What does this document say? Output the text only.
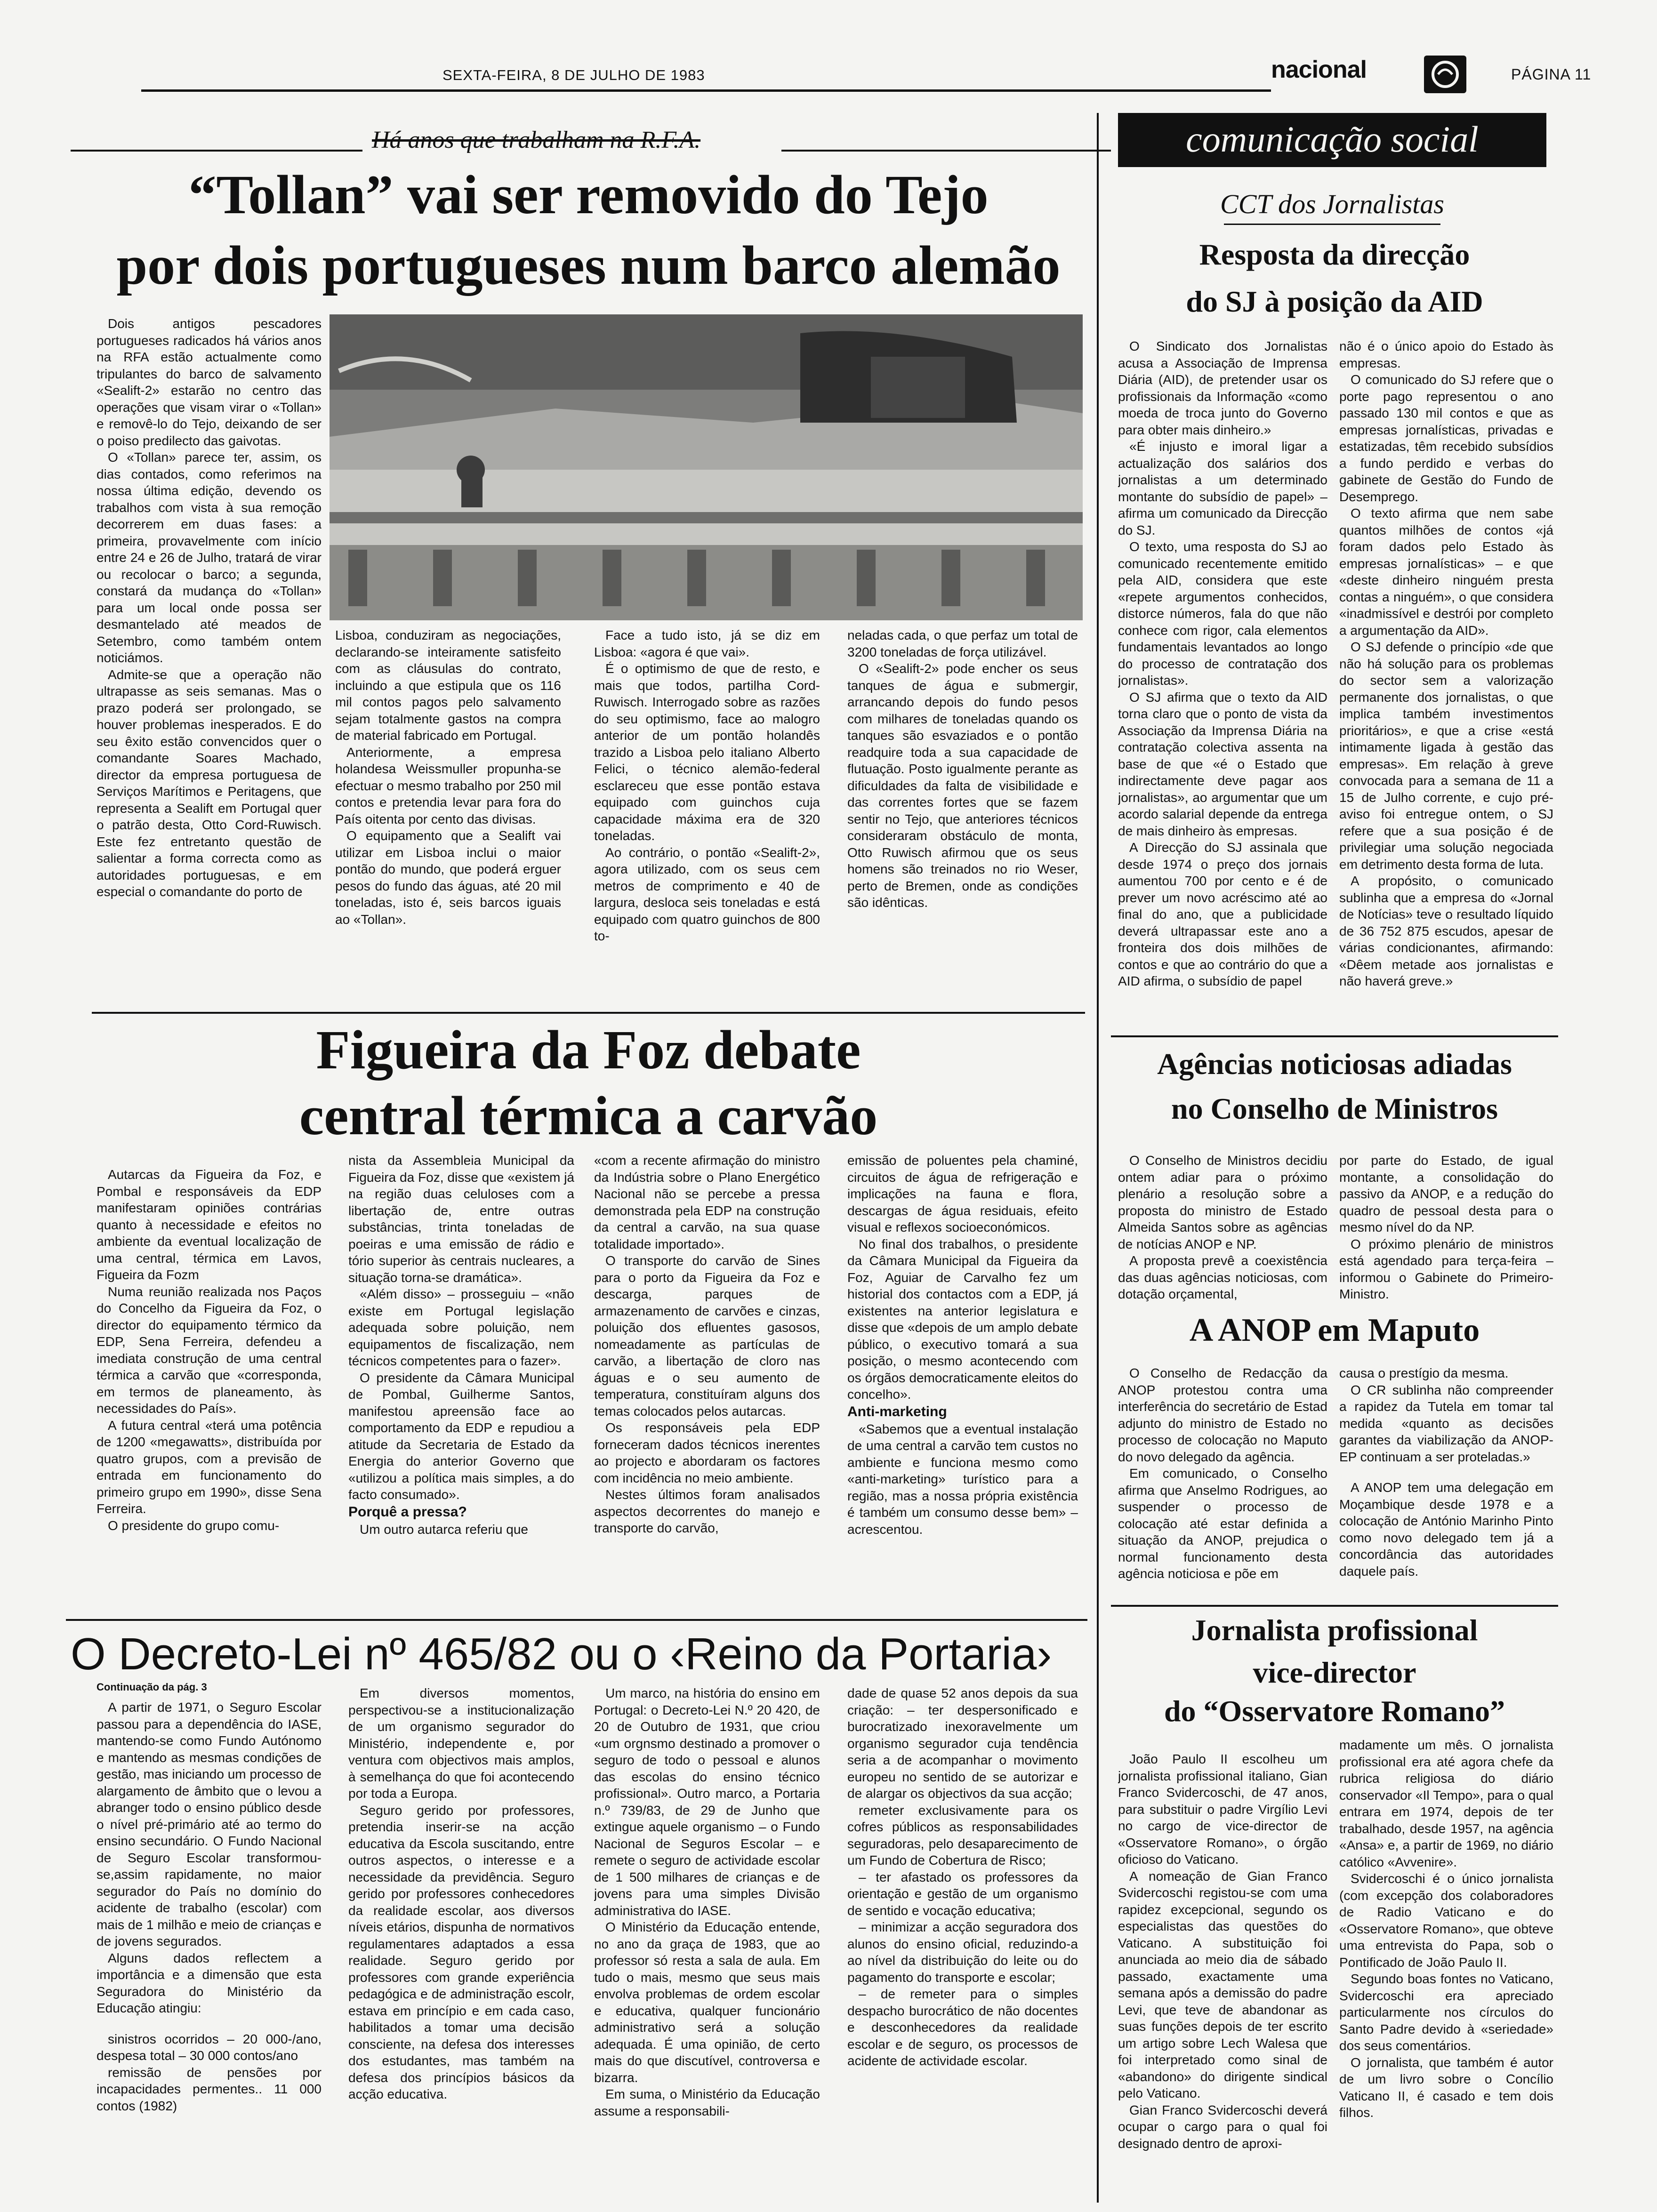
SEXTA-FEIRA, 8 DE JULHO DE 1983	nacional	PÁGINA 11
comunicação social
CCT dos Jornalistas
Há anos que trabalham na R.F.A.
“Tollan” vai ser removido do Tejo
por dois portugueses num barco alemão

Dois antigos pescadores portugueses radicados há vários anos na RFA estão actualmente como tripulantes do barco de salvamento «Sealift-2» estarão no centro das operações que visam virar o «Tollan» e removê-lo do Tejo, deixando de ser o poiso predilecto das gaivotas.

O «Tollan» parece ter, assim, os dias contados, como referimos na nossa última edição, devendo os trabalhos com vista à sua remoção decorrerem em duas fases: a primeira, provavelmente com início entre 24 e 26 de Julho, tratará de virar ou recolocar o barco; a segunda, constará da mudança do «Tollan» para um local onde possa ser desmantelado até meados de Setembro, como também ontem noticiámos.

Admite-se que a operação não ultrapasse as seis semanas. Mas o prazo poderá ser prolongado, se houver problemas inesperados. E do seu êxito estão convencidos quer o comandante Soares Machado, director da empresa portuguesa de Serviços Marítimos e Peritagens, que representa a Sealift em Portugal quer o patrão desta, Otto Cord-Ruwisch. Este fez entretanto questão de salientar a forma correcta como as autoridades portuguesas, e em especial o comandante do porto de

Lisboa, conduziram as negociações, declarando-se inteiramente satisfeito com as cláusulas do contrato, incluindo a que estipula que os 116 mil contos pagos pelo salvamento sejam totalmente gastos na compra de material fabricado em Portugal.

Anteriormente, a empresa holandesa Weissmuller propunha-se efectuar o mesmo trabalho por 250 mil contos e pretendia levar para fora do País oitenta por cento das divisas.

O equipamento que a Sealift vai utilizar em Lisboa inclui o maior pontão do mundo, que poderá erguer pesos do fundo das águas, até 20 mil toneladas, isto é, seis barcos iguais ao «Tollan».

Face a tudo isto, já se diz em Lisboa: «agora é que vai».

É o optimismo de que de resto, e mais que todos, partilha Cord-Ruwisch. Interrogado sobre as razões do seu optimismo, face ao malogro anterior de um pontão holandês trazido a Lisboa pelo italiano Alberto Felici, o técnico alemão-federal esclareceu que esse pontão estava equipado com guinchos cuja capacidade máxima era de 320 toneladas.

Ao contrário, o pontão «Sealift-2», agora utilizado, com os seus cem metros de comprimento e 40 de largura, desloca seis toneladas e está equipado com quatro guinchos de 800 to-

neladas cada, o que perfaz um total de 3200 toneladas de força utilizável.

O «Sealift-2» pode encher os seus tanques de água e submergir, arrancando depois do fundo pesos com milhares de toneladas quando os tanques são esvaziados e o pontão readquire toda a sua capacidade de flutuação. Posto igualmente perante as dificuldades da falta de visibilidade e das correntes fortes que se fazem sentir no Tejo, que anteriores técnicos consideraram obstáculo de monta, Otto Ruwisch afirmou que os seus homens são treinados no rio Weser, perto de Bremen, onde as condições são idênticas.

Figueira da Foz debate
central térmica a carvão

Autarcas da Figueira da Foz, e Pombal e responsáveis da EDP manifestaram opiniões contrárias quanto à necessidade e efeitos no ambiente da eventual localização de uma central, térmica em Lavos, Figueira da Fozm

Numa reunião realizada nos Paços do Concelho da Figueira da Foz, o director do equipamento térmico da EDP, Sena Ferreira, defendeu a imediata construção de uma central térmica a carvão que «corresponda, em termos de planeamento, às necessidades do País».

A futura central «terá uma potência de 1200 «megawatts», distribuída por quatro grupos, com a previsão de entrada em funcionamento do primeiro grupo em 1990», disse Sena Ferreira.

O presidente do grupo comu-

nista da Assembleia Municipal da Figueira da Foz, disse que «existem já na região duas celuloses com a libertação de, entre outras substâncias, trinta toneladas de poeiras e uma emissão de rádio e tório superior às centrais nucleares, a situação torna-se dramática».

«Além disso» – prosseguiu – «não existe em Portugal legislação adequada sobre poluição, nem equipamentos de fiscalização, nem técnicos competentes para o fazer».

O presidente da Câmara Municipal de Pombal, Guilherme Santos, manifestou apreensão face ao comportamento da EDP e repudiou a atitude da Secretaria de Estado da Energia do anterior Governo que «utilizou a política mais simples, a do facto consumado».

Porquê a pressa?

Um outro autarca referiu que

«com a recente afirmação do ministro da Indústria sobre o Plano Energético Nacional não se percebe a pressa demonstrada pela EDP na construção da central a carvão, na sua quase totalidade importado».

O transporte do carvão de Sines para o porto da Figueira da Foz e descarga, parques de armazenamento de carvões e cinzas, poluição dos efluentes gasosos, nomeadamente as partículas de carvão, a libertação de cloro nas águas e o seu aumento de temperatura, constituíram alguns dos temas colocados pelos autarcas.

Os responsáveis pela EDP forneceram dados técnicos inerentes ao projecto e abordaram os factores com incidência no meio ambiente.

Nestes últimos foram analisados aspectos decorrentes do manejo e transporte do carvão,

emissão de poluentes pela chaminé, circuitos de água de refrigeração e implicações na fauna e flora, descargas de água residuais, efeito visual e reflexos socioeconómicos.

No final dos trabalhos, o presidente da Câmara Municipal da Figueira da Foz, Aguiar de Carvalho fez um historial dos contactos com a EDP, já existentes na anterior legislatura e disse que «depois de um amplo debate público, o executivo tomará a sua posição, o mesmo acontecendo com os órgãos democraticamente eleitos do concelho».

Anti-marketing

«Sabemos que a eventual instalação de uma central a carvão tem custos no ambiente e funciona mesmo como «anti-marketing» turístico para a região, mas a nossa própria existência é também um consumo desse bem» – acrescentou.

O Decreto-Lei nº 465/82 ou o ‹Reino da Portaria›
Continuação da pág. 3

A partir de 1971, o Seguro Escolar passou para a dependência do IASE, mantendo-se como Fundo Autónomo e mantendo as mesmas condições de gestão, mas iniciando um processo de alargamento de âmbito que o levou a abranger todo o ensino público desde o nível pré-primário até ao termo do ensino secundário. O Fundo Nacional de Seguro Escolar transformou-se,assim rapidamente, no maior segurador do País no domínio do acidente de trabalho (escolar) com mais de 1 milhão e meio de crianças e de jovens segurados.

Alguns dados reflectem a importância e a dimensão que esta Seguradora do Ministério da Educação atingiu:

sinistros ocorridos – 20 000-/ano, despesa total – 30 000 contos/ano

remissão de pensões por incapacidades permentes.. 11 000 contos (1982)

Em diversos momentos, perspectivou-se a institucionalização de um organismo segurador do Ministério, independente e, por ventura com objectivos mais amplos, à semelhança do que foi acontecendo por toda a Europa.

Seguro gerido por professores, pretendia inserir-se na acção educativa da Escola suscitando, entre outros aspectos, o interesse e a necessidade da previdência. Seguro gerido por professores conhecedores da realidade escolar, aos diversos níveis etários, dispunha de normativos regulamentares adaptados a essa realidade. Seguro gerido por professores com grande experiência pedagógica e de administração escolr, estava em princípio e em cada caso, habilitados a tomar uma decisão consciente, na defesa dos interesses dos estudantes, mas também na defesa dos princípios básicos da acção educativa.

Um marco, na história do ensino em Portugal: o Decreto-Lei N.º 20 420, de 20 de Outubro de 1931, que criou «um orgnsmo destinado a promover o seguro de todo o pessoal e alunos das escolas do ensino técnico profissional». Outro marco, a Portaria n.º 739/83, de 29 de Junho que extingue aquele organismo – o Fundo Nacional de Seguros Escolar – e remete o seguro de actividade escolar de 1 500 milhares de crianças e de jovens para uma simples Divisão administrativa do IASE.

O Ministério da Educação entende, no ano da graça de 1983, que ao professor só resta a sala de aula. Em tudo o mais, mesmo que seus mais envolva problemas de ordem escolar e educativa, qualquer funcionário administrativo será a solução adequada. É uma opinião, de certo mais do que discutível, controversa e bizarra.

Em suma, o Ministério da Educação assume a responsabili-

dade de quase 52 anos depois da sua criação: – ter despersonificado e burocratizado inexoravelmente um organismo segurador cuja tendência seria a de acompanhar o movimento europeu no sentido de se autorizar e de alargar os objectivos da sua acção;

remeter exclusivamente para os cofres públicos as responsabilidades seguradoras, pelo desaparecimento de um Fundo de Cobertura de Risco;

– ter afastado os professores da orientação e gestão de um organismo de sentido e vocação educativa;

– minimizar a acção seguradora dos alunos do ensino oficial, reduzindo-a ao nível da distribuição do leite ou do pagamento do transporte e escolar;

– de remeter para o simples despacho burocrático de não docentes e desconhecedores da realidade escolar e de seguro, os processos de acidente de actividade escolar.

Resposta da direcção
do SJ à posição da AID

O Sindicato dos Jornalistas acusa a Associação de Imprensa Diária (AID), de pretender usar os profissionais da Informação «como moeda de troca junto do Governo para obter mais dinheiro.»

«É injusto e imoral ligar a actualização dos salários dos jornalistas a um determinado montante do subsídio de papel» – afirma um comunicado da Direcção do SJ.

O texto, uma resposta do SJ ao comunicado recentemente emitido pela AID, considera que este «repete argumentos conhecidos, distorce números, fala do que não conhece com rigor, cala elementos fundamentais levantados ao longo do processo de contratação dos jornalistas».

O SJ afirma que o texto da AID torna claro que o ponto de vista da Associação da Imprensa Diária na contratação colectiva assenta na base de que «é o Estado que indirectamente deve pagar aos jornalistas», ao argumentar que um acordo salarial depende da entrega de mais dinheiro às empresas.

A Direcção do SJ assinala que desde 1974 o preço dos jornais aumentou 700 por cento e é de prever um novo acréscimo até ao final do ano, que a publicidade deverá ultrapassar este ano a fronteira dos dois milhões de contos e que ao contrário do que a AID afirma, o subsídio de papel

não é o único apoio do Estado às empresas.

O comunicado do SJ refere que o porte pago representou o ano passado 130 mil contos e que as empresas jornalísticas, privadas e estatizadas, têm recebido subsídios a fundo perdido e verbas do gabinete de Gestão do Fundo de Desemprego.

O texto afirma que nem sabe quantos milhões de contos «já foram dados pelo Estado às empresas jornalísticas» – e que «deste dinheiro ninguém presta contas a ninguém», o que considera «inadmissível e destrói por completo a argumentação da AID».

O SJ defende o princípio «de que não há solução para os problemas do sector sem a valorização permanente dos jornalistas, o que implica também investimentos prioritários», e que a crise «está intimamente ligada à gestão das empresas». Em relação à greve convocada para a semana de 11 a 15 de Julho corrente, e cujo pré-aviso foi entregue ontem, o SJ refere que a sua posição é de privilegiar uma solução negociada em detrimento desta forma de luta.

A propósito, o comunicado sublinha que a empresa do «Jornal de Notícias» teve o resultado líquido de 36 752 875 escudos, apesar de várias condicionantes, afirmando: «Dêem metade aos jornalistas e não haverá greve.»

Agências noticiosas adiadas
no Conselho de Ministros

O Conselho de Ministros decidiu ontem adiar para o próximo plenário a resolução sobre a proposta do ministro de Estado Almeida Santos sobre as agências de notícias ANOP e NP.

A proposta prevê a coexistência das duas agências noticiosas, com dotação orçamental,

por parte do Estado, de igual montante, a consolidação do passivo da ANOP, e a redução do quadro de pessoal desta para o mesmo nível do da NP.

O próximo plenário de ministros está agendado para terça-feira – informou o Gabinete do Primeiro-Ministro.

A ANOP em Maputo

O Conselho de Redacção da ANOP protestou contra uma interferência do secretário de Estad adjunto do ministro de Estado no processo de colocação no Maputo do novo delegado da agência.

Em comunicado, o Conselho afirma que Anselmo Rodrigues, ao suspender o processo de colocação até estar definida a situação da ANOP, prejudica o normal funcionamento desta agência noticiosa e põe em

causa o prestígio da mesma.

O CR sublinha não compreender a rapidez da Tutela em tomar tal medida «quanto as decisões garantes da viabilização da ANOP-EP continuam a ser proteladas.»

A ANOP tem uma delegação em Moçambique desde 1978 e a colocação de António Marinho Pinto como novo delegado tem já a concordância das autoridades daquele país.

Jornalista profissional
vice-director
do “Osservatore Romano”

João Paulo II escolheu um jornalista profissional italiano, Gian Franco Svidercoschi, de 47 anos, para substituir o padre Virgílio Levi no cargo de vice-director de «Osservatore Romano», o órgão oficioso do Vaticano.

A nomeação de Gian Franco Svidercoschi registou-se com uma rapidez excepcional, segundo os especialistas das questões do Vaticano. A substituição foi anunciada ao meio dia de sábado passado, exactamente uma semana após a demissão do padre Levi, que teve de abandonar as suas funções depois de ter escrito um artigo sobre Lech Walesa que foi interpretado como sinal de «abandono» do dirigente sindical pelo Vaticano.

Gian Franco Svidercoschi deverá ocupar o cargo para o qual foi designado dentro de aproxi-

madamente um mês. O jornalista profissional era até agora chefe da rubrica religiosa do diário conservador «Il Tempo», para o qual entrara em 1974, depois de ter trabalhado, desde 1957, na agência «Ansa» e, a partir de 1969, no diário católico «Avvenire».

Svidercoschi é o único jornalista (com excepção dos colaboradores de Radio Vaticano e do «Osservatore Romano», que obteve uma entrevista do Papa, sob o Pontificado de João Paulo II.

Segundo boas fontes no Vaticano, Svidercoschi era apreciado particularmente nos círculos do Santo Padre devido à «seriedade» dos seus comentários.

O jornalista, que também é autor de um livro sobre o Concílio Vaticano II, é casado e tem dois filhos.
